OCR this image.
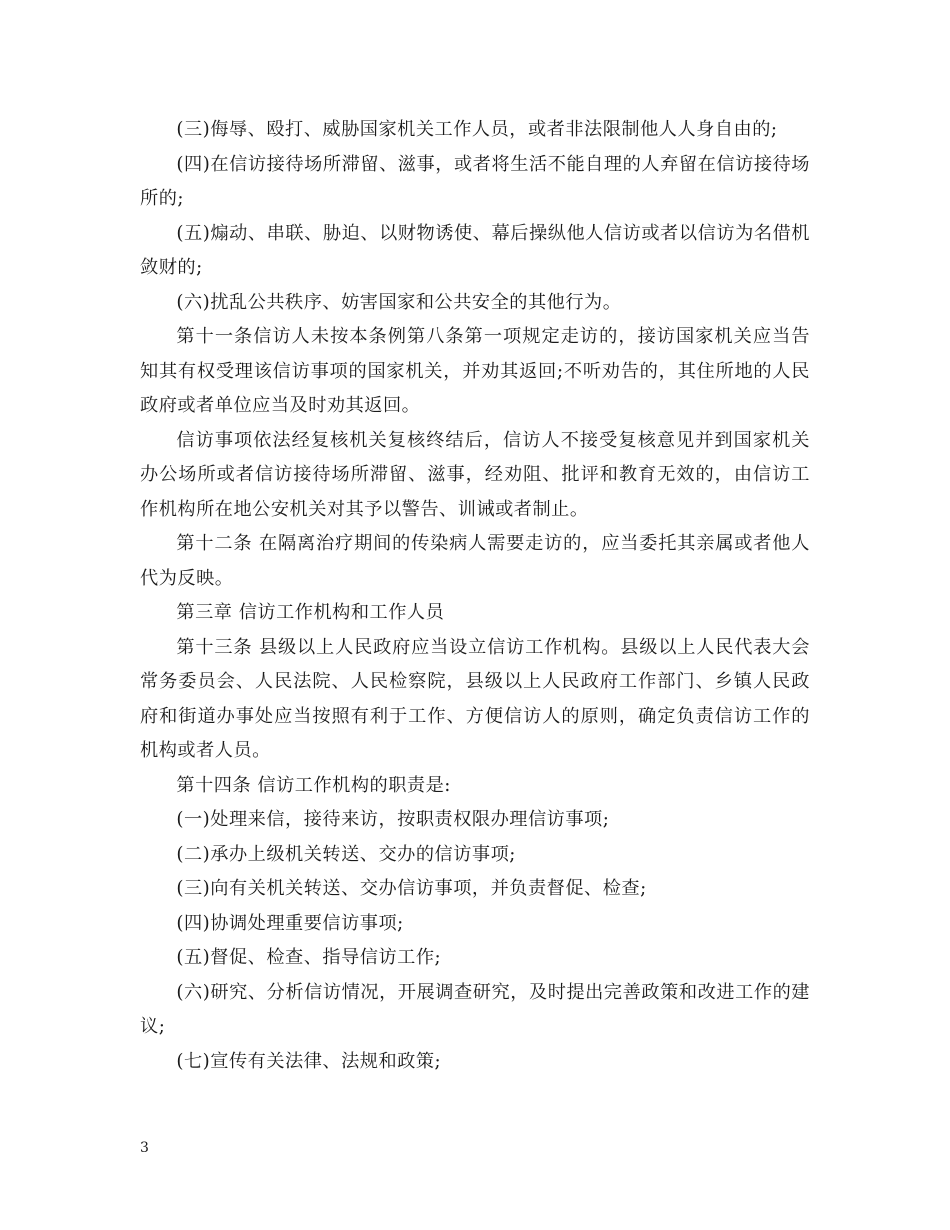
(三)侮辱、殴打、威胁国家机关工作人员，或者非法限制他人人身自由的;

(四)在信访接待场所滞留、滋事，或者将生活不能自理的人弃留在信访接待场所的;

(五)煽动、串联、胁迫、以财物诱使、幕后操纵他人信访或者以信访为名借机敛财的;

(六)扰乱公共秩序、妨害国家和公共安全的其他行为。

第十一条信访人未按本条例第八条第一项规定走访的，接访国家机关应当告知其有权受理该信访事项的国家机关，并劝其返回;不听劝告的，其住所地的人民政府或者单位应当及时劝其返回。

信访事项依法经复核机关复核终结后，信访人不接受复核意见并到国家机关办公场所或者信访接待场所滞留、滋事，经劝阻、批评和教育无效的，由信访工作机构所在地公安机关对其予以警告、训诫或者制止。

第十二条 在隔离治疗期间的传染病人需要走访的，应当委托其亲属或者他人代为反映。

第三章 信访工作机构和工作人员

第十三条 县级以上人民政府应当设立信访工作机构。县级以上人民代表大会常务委员会、人民法院、人民检察院，县级以上人民政府工作部门、乡镇人民政府和街道办事处应当按照有利于工作、方便信访人的原则，确定负责信访工作的机构或者人员。

第十四条 信访工作机构的职责是:

(一)处理来信，接待来访，按职责权限办理信访事项;

(二)承办上级机关转送、交办的信访事项;

(三)向有关机关转送、交办信访事项，并负责督促、检查;

(四)协调处理重要信访事项;

(五)督促、检查、指导信访工作;

(六)研究、分析信访情况，开展调查研究，及时提出完善政策和改进工作的建议;

(七)宣传有关法律、法规和政策;

3
